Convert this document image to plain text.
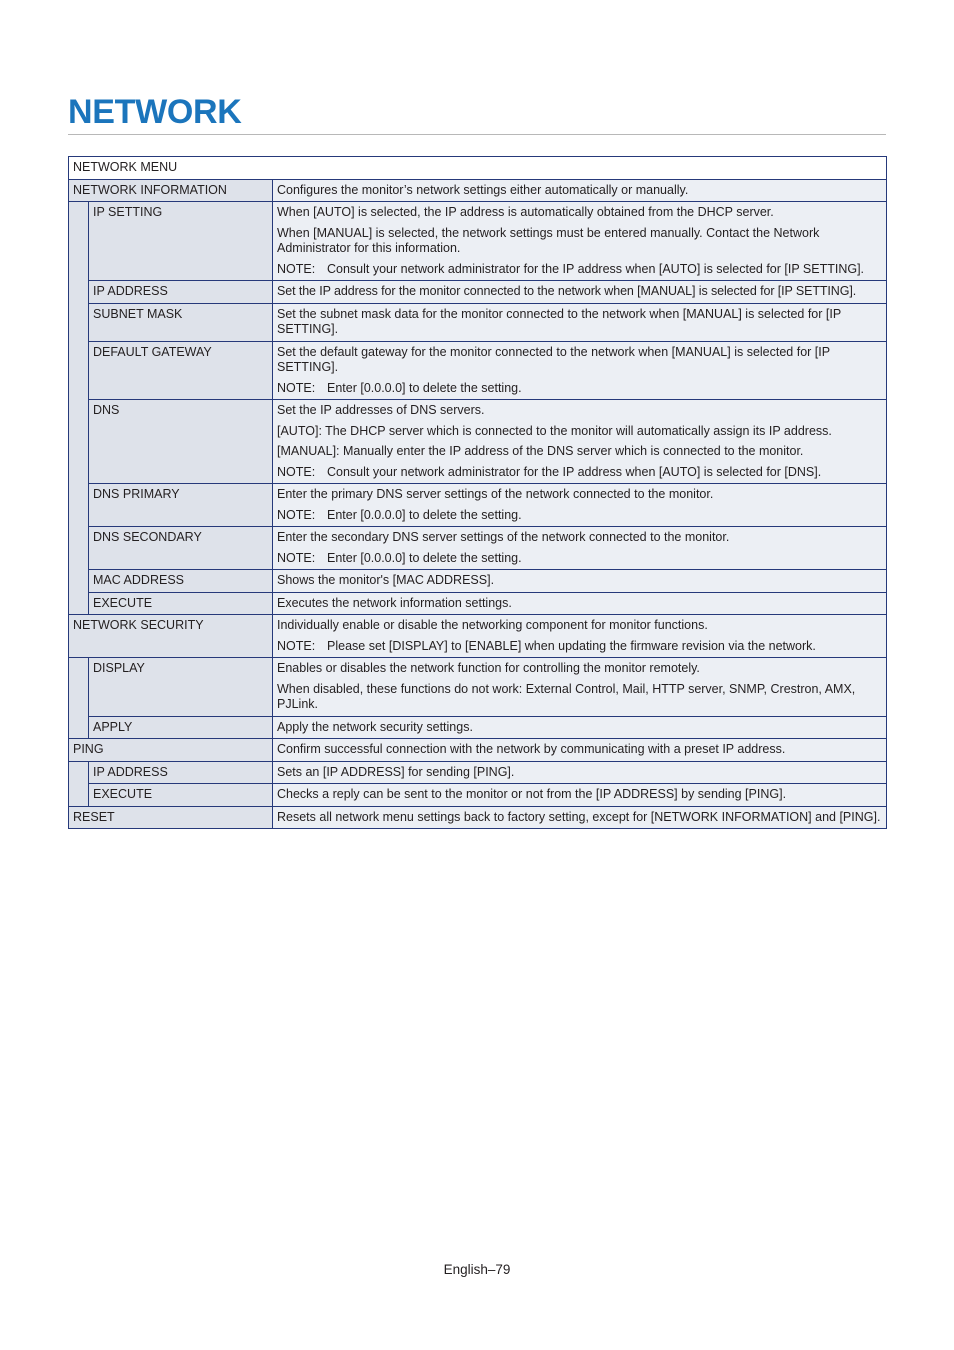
NETWORK
NETWORK MENU		
NETWORK INFORMATION		Configures the monitor’s network settings either automatically or manually.

	IP SETTING	When [AUTO] is selected, the IP address is automatically obtained from the DHCP server.

When [MANUAL] is selected, the network settings must be entered manually. Contact the Network Administrator for this information.

NOTE: Consult your network administrator for the IP address when [AUTO] is selected for [IP SETTING].

	IP ADDRESS	Set the IP address for the monitor connected to the network when [MANUAL] is selected for [IP SETTING].

	SUBNET MASK	Set the subnet mask data for the monitor connected to the network when [MANUAL] is selected for [IP SETTING].

	DEFAULT GATEWAY	Set the default gateway for the monitor connected to the network when [MANUAL] is selected for [IP SETTING].

NOTE: Enter [0.0.0.0] to delete the setting.

	DNS	Set the IP addresses of DNS servers.

[AUTO]: The DHCP server which is connected to the monitor will automatically assign its IP address.

[MANUAL]: Manually enter the IP address of the DNS server which is connected to the monitor.

NOTE: Consult your network administrator for the IP address when [AUTO] is selected for [DNS].

	DNS PRIMARY	Enter the primary DNS server settings of the network connected to the monitor.

NOTE: Enter [0.0.0.0] to delete the setting.

	DNS SECONDARY	Enter the secondary DNS server settings of the network connected to the monitor.

NOTE: Enter [0.0.0.0] to delete the setting.

	MAC ADDRESS	Shows the monitor's [MAC ADDRESS].

	EXECUTE	Executes the network information settings.

NETWORK SECURITY		Individually enable or disable the networking component for monitor functions.

NOTE: Please set [DISPLAY] to [ENABLE] when updating the firmware revision via the network.

	DISPLAY	Enables or disables the network function for controlling the monitor remotely.

When disabled, these functions do not work: External Control, Mail, HTTP server, SNMP, Crestron, AMX, PJLink.

	APPLY	Apply the network security settings.

PING		Confirm successful connection with the network by communicating with a preset IP address.

	IP ADDRESS	Sets an [IP ADDRESS] for sending [PING].

	EXECUTE	Checks a reply can be sent to the monitor or not from the [IP ADDRESS] by sending [PING].

RESET		Resets all network menu settings back to factory setting, except for [NETWORK INFORMATION] and [PING].

English–79
